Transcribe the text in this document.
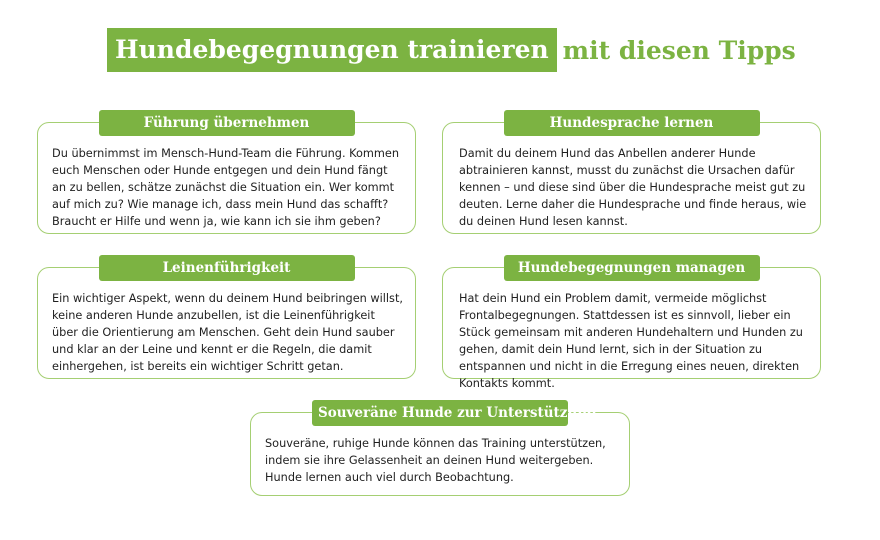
Hundebegegnungen trainieren mit diesen Tipps
Führung übernehmen
Du übernimmst im Mensch-Hund-Team die Führung. Kommen euch Menschen oder Hunde entgegen und dein Hund fängt an zu bellen, schätze zunächst die Situation ein. Wer kommt auf mich zu? Wie manage ich, dass mein Hund das schafft? Braucht er Hilfe und wenn ja, wie kann ich sie ihm geben?
Hundesprache lernen
Damit du deinem Hund das Anbellen anderer Hunde abtrainieren kannst, musst du zunächst die Ursachen dafür kennen – und diese sind über die Hundesprache meist gut zu deuten. Lerne daher die Hundesprache und finde heraus, wie du deinen Hund lesen kannst.
Leinenführigkeit
Ein wichtiger Aspekt, wenn du deinem Hund beibringen willst, keine anderen Hunde anzubellen, ist die Leinenführigkeit über die Orientierung am Menschen. Geht dein Hund sauber und klar an der Leine und kennt er die Regeln, die damit einhergehen, ist bereits ein wichtiger Schritt getan.
Hundebegegnungen managen
Hat dein Hund ein Problem damit, vermeide möglichst Frontalbegegnungen. Stattdessen ist es sinnvoll, lieber ein Stück gemeinsam mit anderen Hundehaltern und Hunden zu gehen, damit dein Hund lernt, sich in der Situation zu entspannen und nicht in die Erregung eines neuen, direkten Kontakts kommt.
Souveräne Hunde zur Unterstützung
Souveräne, ruhige Hunde können das Training unterstützen, indem sie ihre Gelassenheit an deinen Hund weitergeben. Hunde lernen auch viel durch Beobachtung.
